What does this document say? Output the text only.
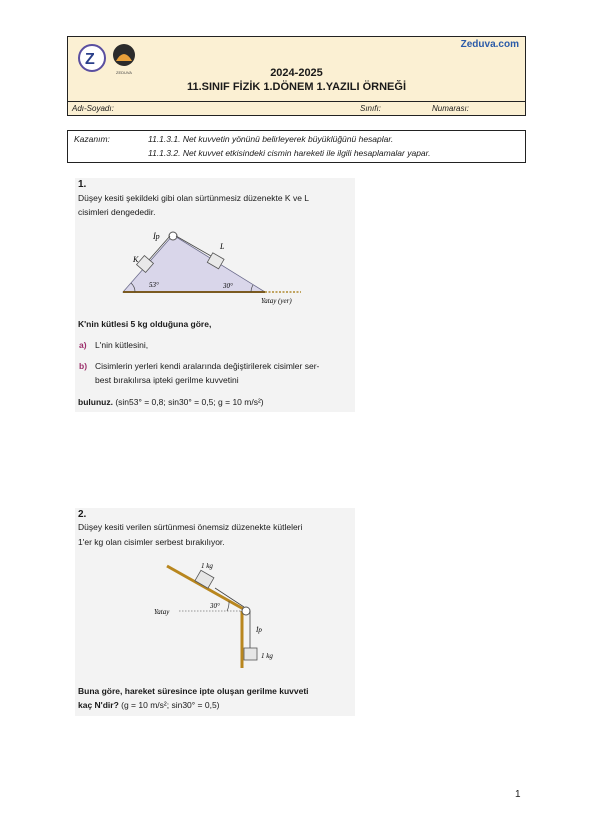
Z
ZEDUVA
Zeduva.com
2024-2025
11.SINIF FİZİK 1.DÖNEM 1.YAZILI ÖRNEĞİ
Adı-Soyadı:	Sınıfı:	Numarası:
Kazanım:	11.1.3.1. Net kuvvetin yönünü belirleyerek büyüklüğünü hesaplar.
11.1.3.2. Net kuvvet etkisindeki cismin hareketi ile ilgili hesaplamalar yapar.
1.
Düşey kesiti şekildeki gibi olan sürtünmesiz düzenekte K ve L
cisimleri dengededir.
İp
K
L
53°	30°
Yatay (yer)
K'nin kütlesi 5 kg olduğuna göre,
a) L'nin kütlesini,
b) Cisimlerin yerleri kendi aralarında değiştirilerek cisimler ser-
best bırakılırsa ipteki gerilme kuvvetini
bulunuz. (sin53° = 0,8; sin30° = 0,5; g = 10 m/s²)
2.
Düşey kesiti verilen sürtünmesi önemsiz düzenekte kütleleri
1'er kg olan cisimler serbest bırakılıyor.
1 kg
1 kg
Yatay
30°
İp
Buna göre, hareket süresince ipte oluşan gerilme kuvveti
kaç N'dir? (g = 10 m/s²; sin30° = 0,5)
1
